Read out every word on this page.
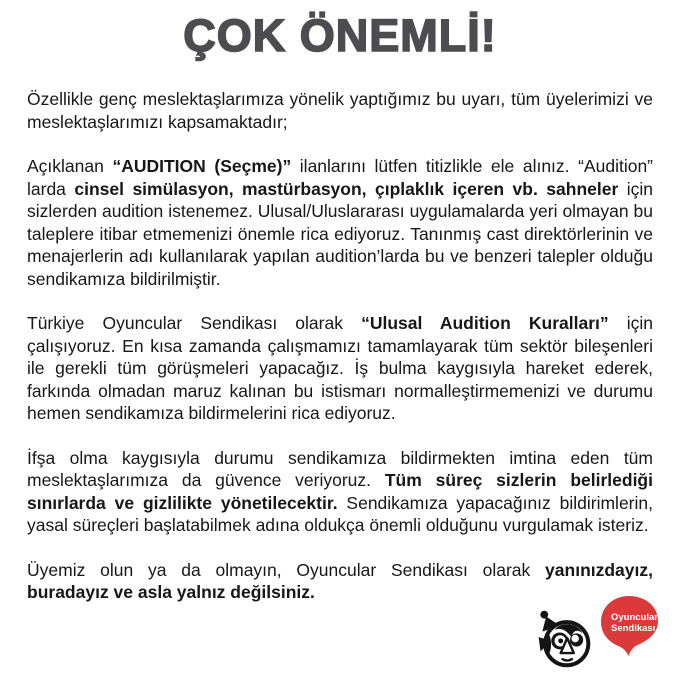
ÇOK ÖNEMLİ!

Özellikle genç meslektaşlarımıza yönelik yaptığımız bu uyarı, tüm üyelerimizi ve meslektaşlarımızı kapsamaktadır;

Açıklanan “AUDITION (Seçme)” ilanlarını lütfen titizlikle ele alınız. “Audition” larda cinsel simülasyon, mastürbasyon, çıplaklık içeren vb. sahneler için sizlerden audition istenemez. Ulusal/Uluslararası uygulamalarda yeri olmayan bu taleplere itibar etmemenizi önemle rica ediyoruz. Tanınmış cast direktörlerinin ve menajerlerin adı kullanılarak yapılan audition’larda bu ve benzeri talepler olduğu sendikamıza bildirilmiştir.

Türkiye Oyuncular Sendikası olarak “Ulusal Audition Kuralları” için çalışıyoruz. En kısa zamanda çalışmamızı tamamlayarak tüm sektör bileşenleri ile gerekli tüm görüşmeleri yapacağız. İş bulma kaygısıyla hareket ederek, farkında olmadan maruz kalınan bu istismarı normalleştirmemenizi ve durumu hemen sendikamıza bildirmelerini rica ediyoruz.

İfşa olma kaygısıyla durumu sendikamıza bildirmekten imtina eden tüm meslektaşlarımıza da güvence veriyoruz. Tüm süreç sizlerin belirlediği sınırlarda ve gizlilikte yönetilecektir. Sendikamıza yapacağınız bildirimlerin, yasal süreçleri başlatabilmek adına oldukça önemli olduğunu vurgulamak isteriz.

Üyemiz olun ya da olmayın, Oyuncular Sendikası olarak yanınızdayız, buradayız ve asla yalnız değilsiniz.

Oyuncular
Sendikası
